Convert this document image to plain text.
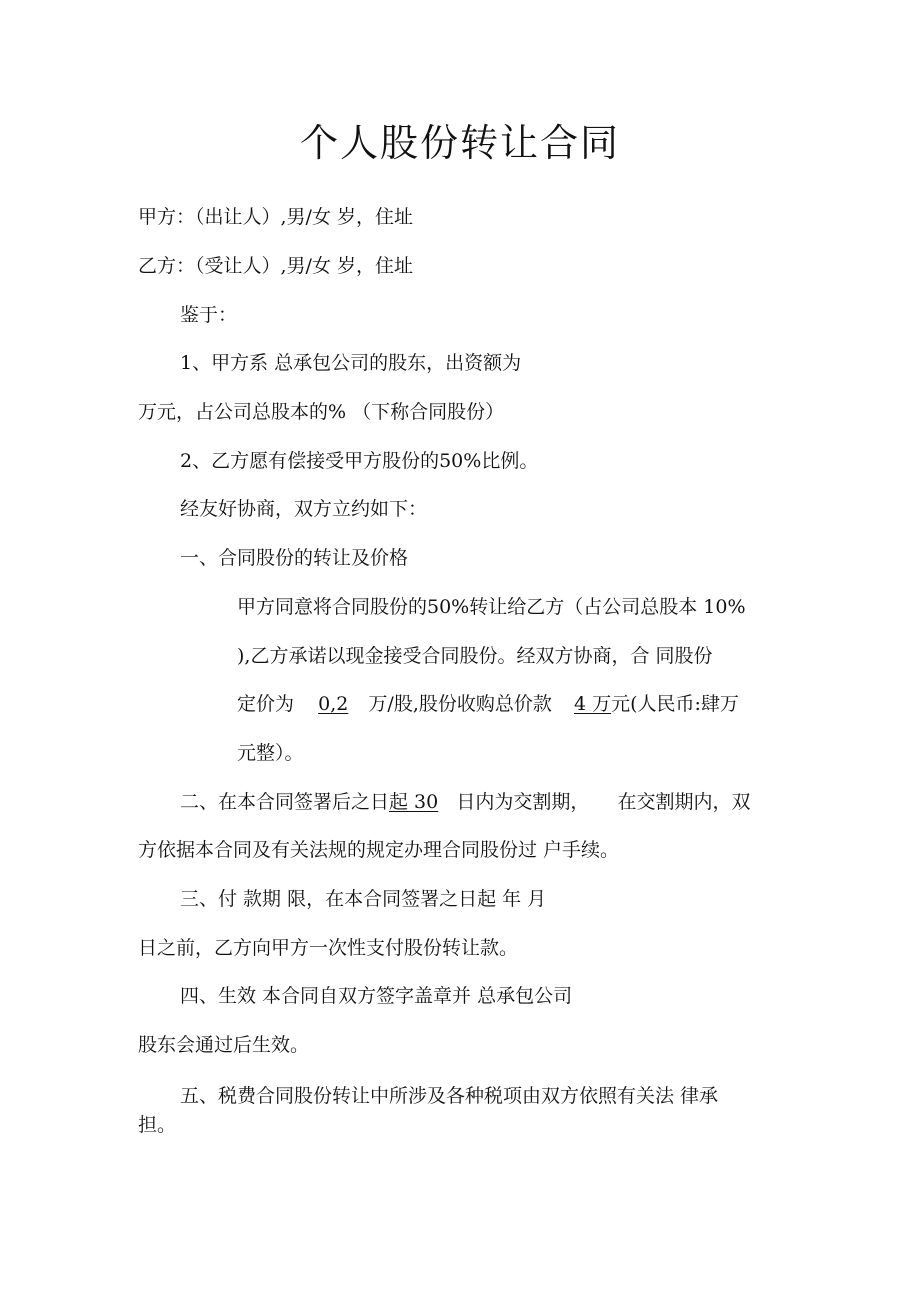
个人股份转让合同
甲方：（出让人）,男/女 岁，住址
乙方：（受让人）,男/女 岁，住址
鉴于：
1、甲方系 总承包公司的股东，出资额为
万元，占公司总股本的% （下称合同股份）
2、乙方愿有偿接受甲方股份的50%比例。
经友好协商，双方立约如下：
一、合同股份的转让及价格
甲方同意将合同股份的50%转让给乙方（占公司总股本 10%
),乙方承诺以现金接受合同股份。经双方协商，合 同股份
定价为 0,2 万/股,股份收购总价款 4 万元(人民币:肆万
元整）。
二、在本合同签署后之日起 30 日内为交割期， 在交割期内，双
方依据本合同及有关法规的规定办理合同股份过 户手续。
三、付 款期 限，在本合同签署之日起 年 月
日之前，乙方向甲方一次性支付股份转让款。
四、生效 本合同自双方签字盖章并 总承包公司
股东会通过后生效。
五、税费合同股份转让中所涉及各种税项由双方依照有关法 律承
担。
